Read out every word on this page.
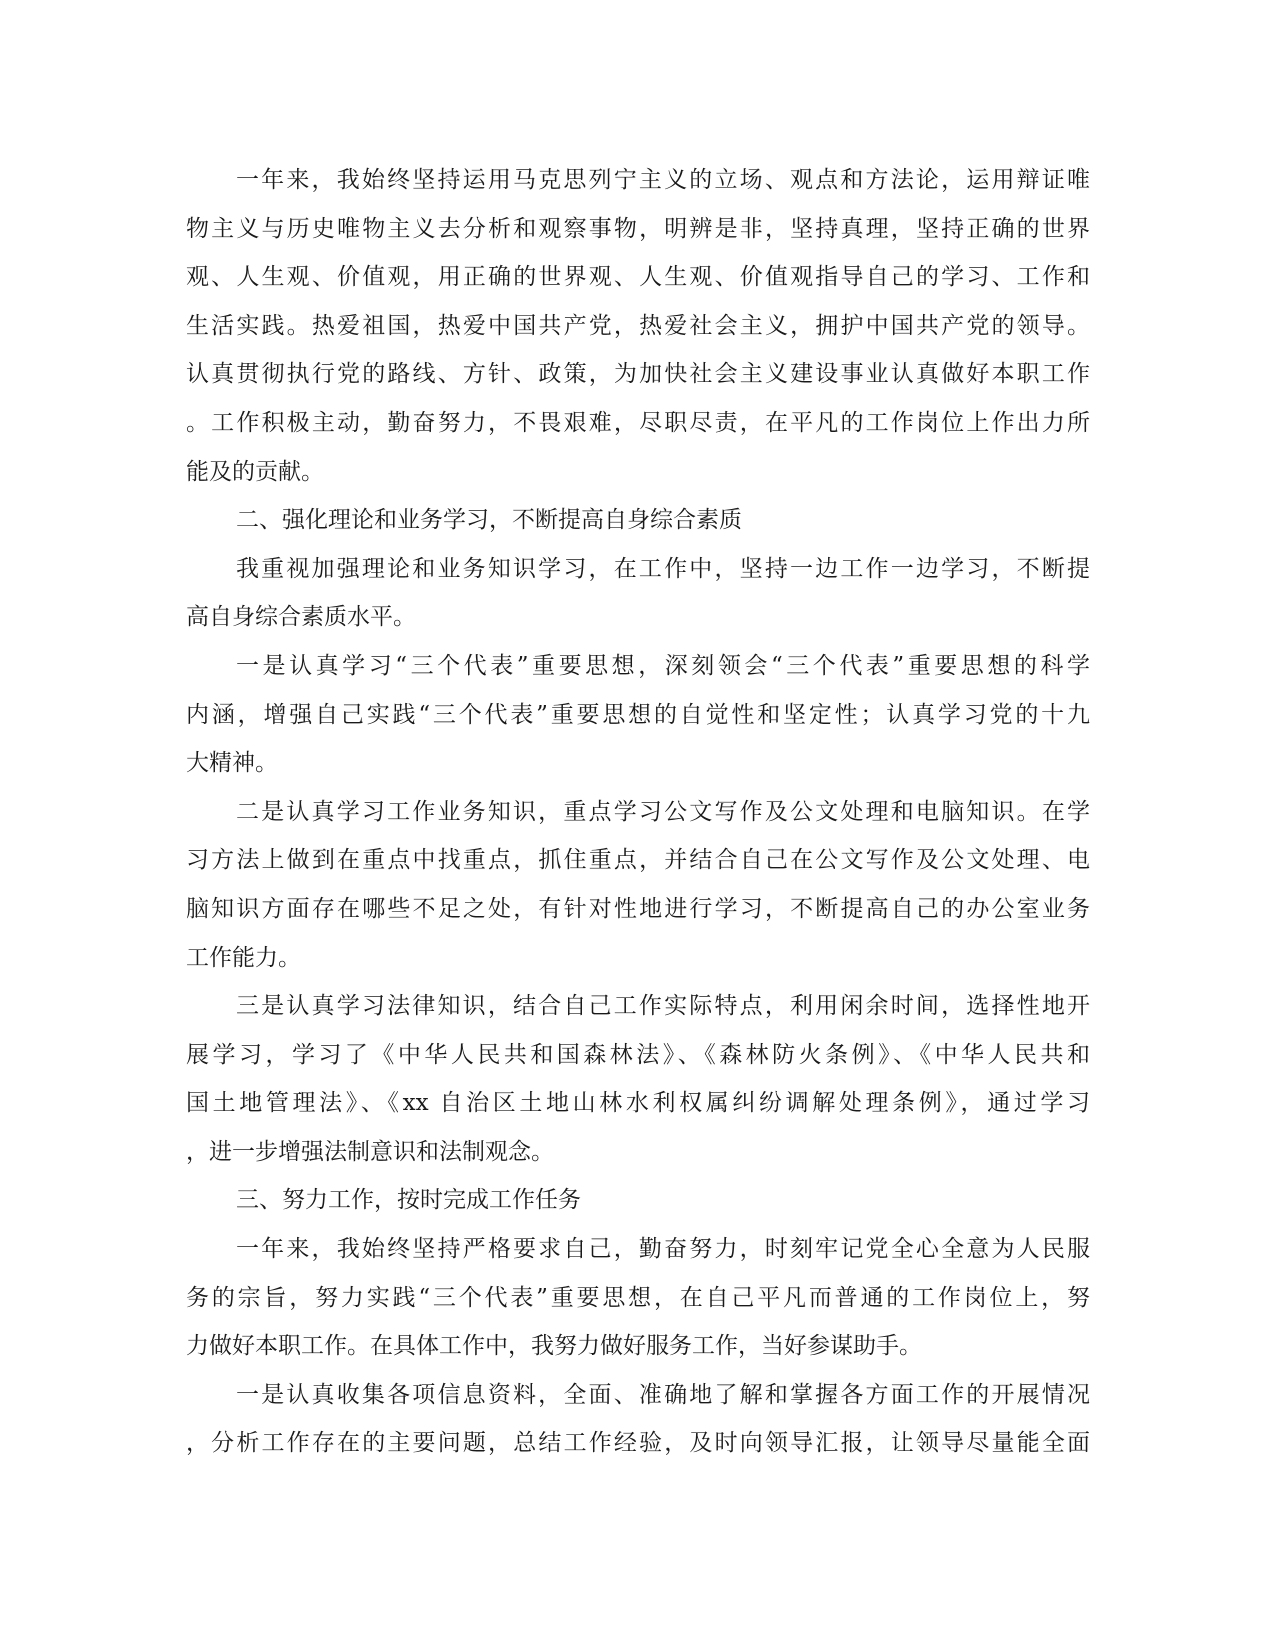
一年来，我始终坚持运用马克思列宁主义的立场、观点和方法论，运用辩证唯
物主义与历史唯物主义去分析和观察事物，明辨是非，坚持真理，坚持正确的世界
观、人生观、价值观，用正确的世界观、人生观、价值观指导自己的学习、工作和
生活实践。热爱祖国，热爱中国共产党，热爱社会主义，拥护中国共产党的领导。
认真贯彻执行党的路线、方针、政策，为加快社会主义建设事业认真做好本职工作
。工作积极主动，勤奋努力，不畏艰难，尽职尽责，在平凡的工作岗位上作出力所
能及的贡献。
二、强化理论和业务学习，不断提高自身综合素质
我重视加强理论和业务知识学习，在工作中，坚持一边工作一边学习，不断提
高自身综合素质水平。
一是认真学习“三个代表”重要思想，深刻领会“三个代表”重要思想的科学
内涵，增强自己实践“三个代表”重要思想的自觉性和坚定性；认真学习党的十九
大精神。
二是认真学习工作业务知识，重点学习公文写作及公文处理和电脑知识。在学
习方法上做到在重点中找重点，抓住重点，并结合自己在公文写作及公文处理、电
脑知识方面存在哪些不足之处，有针对性地进行学习，不断提高自己的办公室业务
工作能力。
三是认真学习法律知识，结合自己工作实际特点，利用闲余时间，选择性地开
展学习，学习了《中华人民共和国森林法》、《森林防火条例》、《中华人民共和
国土地管理法》、《xx 自治区土地山林水利权属纠纷调解处理条例》，通过学习
，进一步增强法制意识和法制观念。
三、努力工作，按时完成工作任务
一年来，我始终坚持严格要求自己，勤奋努力，时刻牢记党全心全意为人民服
务的宗旨，努力实践“三个代表”重要思想，在自己平凡而普通的工作岗位上，努
力做好本职工作。在具体工作中，我努力做好服务工作，当好参谋助手。
一是认真收集各项信息资料，全面、准确地了解和掌握各方面工作的开展情况
，分析工作存在的主要问题，总结工作经验，及时向领导汇报，让领导尽量能全面
